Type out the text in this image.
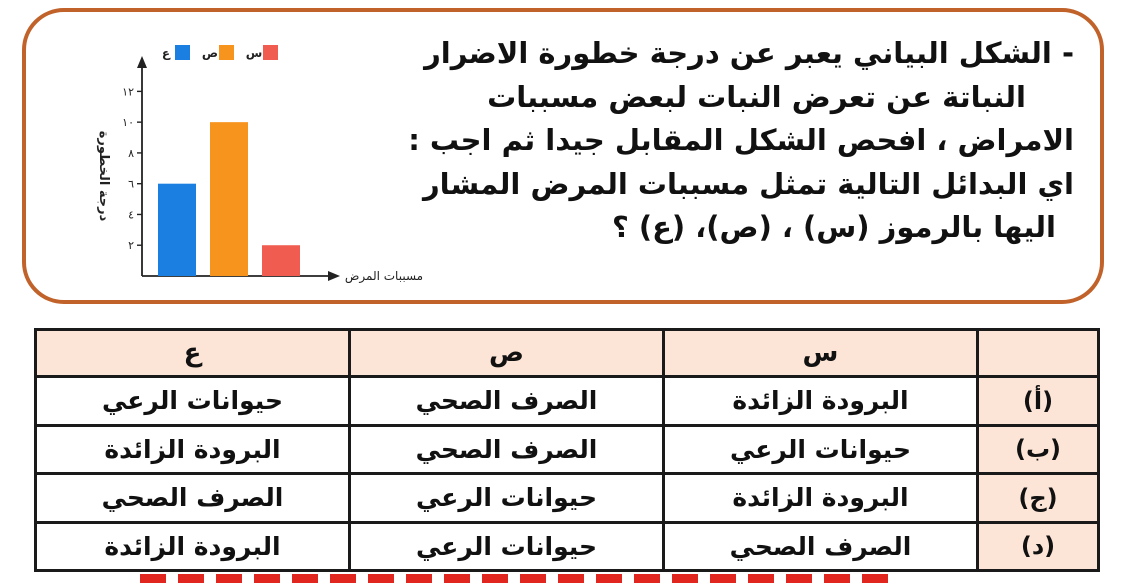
٢
٤
٦
٨
١٠
١٢
درجة الخطورة
مسببات المرض
ع	ص س	- الشكل البياني يعبر عن درجة خطورة الاضرار
النباتة عن تعرض النبات لبعض مسببات
الامراض ، افحص الشكل المقابل جيدا ثم اجب :
اي البدائل التالية تمثل مسببات المرض المشار
اليها بالرموز (س) ، (ص)، (ع) ؟
	س	ص	ع
(أ)	البرودة الزائدة	الصرف الصحي	حيوانات الرعي
(ب)	حيوانات الرعي	الصرف الصحي	البرودة الزائدة
(ج)	البرودة الزائدة	حيوانات الرعي	الصرف الصحي
(د)	الصرف الصحي	حيوانات الرعي	البرودة الزائدة
